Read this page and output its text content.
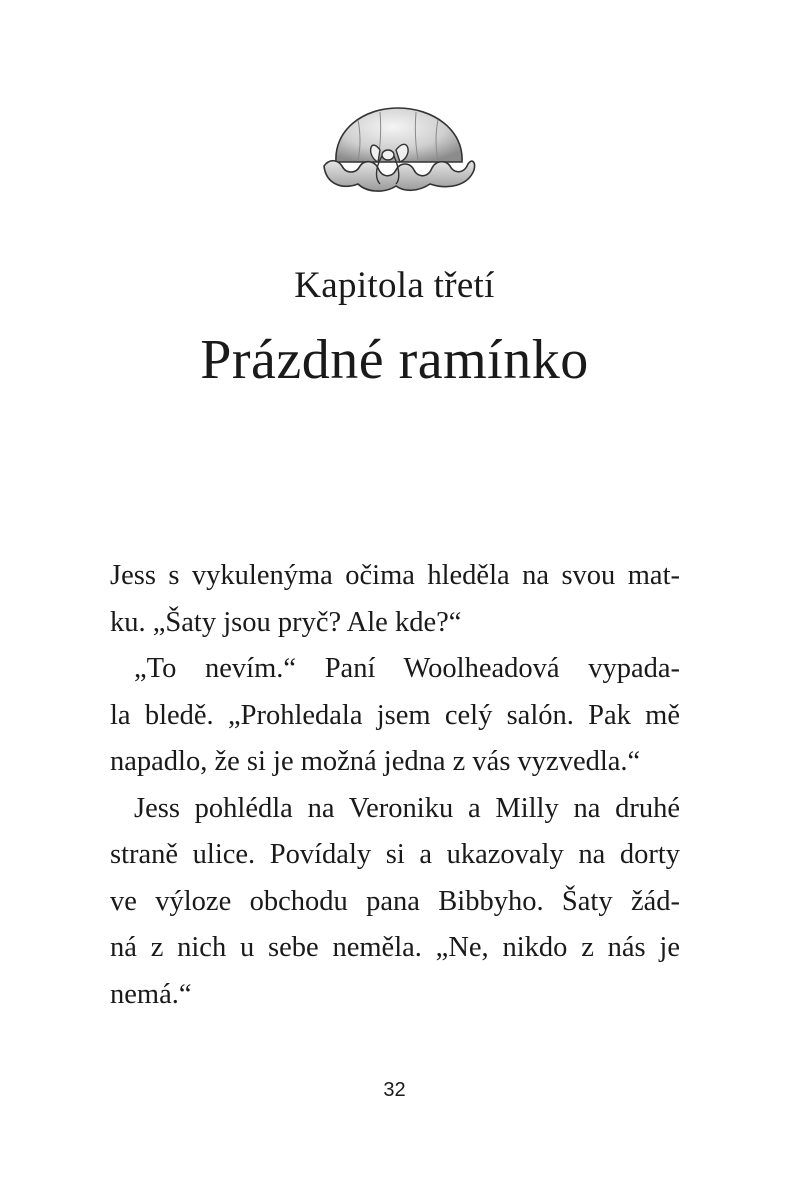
Kapitola třetí
Prázdné ramínko
Jess s vykulenýma očima hleděla na svou mat-
ku. „Šaty jsou pryč? Ale kde?“
„To nevím.“ Paní Woolheadová vypada-
la bledě. „Prohledala jsem celý salón. Pak mě
napadlo, že si je možná jedna z vás vyzvedla.“
Jess pohlédla na Veroniku a Milly na druhé
straně ulice. Povídaly si a ukazovaly na dorty
ve výloze obchodu pana Bibbyho. Šaty žád-
ná z nich u sebe neměla. „Ne, nikdo z nás je
nemá.“
32
